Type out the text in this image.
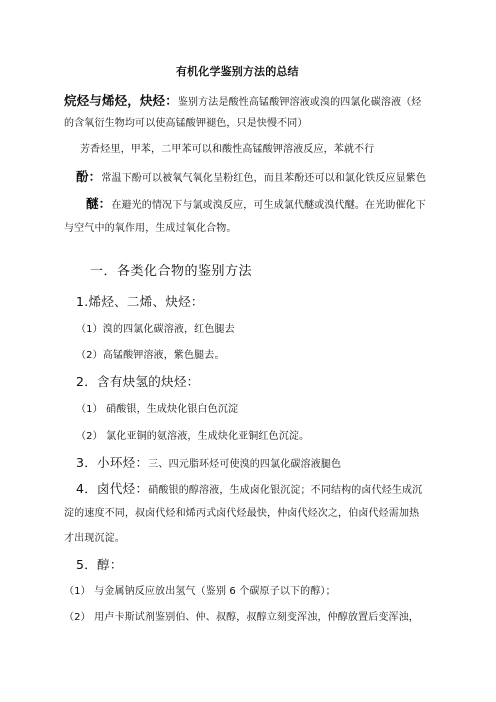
有机化学鉴别方法的总结
烷烃与烯烃，炔烃：鉴别方法是酸性高锰酸钾溶液或溴的四氯化碳溶液（烃
的含氧衍生物均可以使高锰酸钾褪色，只是快慢不同）
芳香烃里，甲苯，二甲苯可以和酸性高锰酸钾溶液反应，苯就不行
酚：常温下酚可以被氧气氧化呈粉红色，而且苯酚还可以和氯化铁反应显紫色
醚：在避光的情况下与氯或溴反应，可生成氯代醚或溴代醚。在光助催化下
与空气中的氧作用，生成过氧化合物。
一．各类化合物的鉴别方法
1.烯烃、二烯、炔烃：
（1）溴的四氯化碳溶液，红色腿去
（2）高锰酸钾溶液，紫色腿去。
2．含有炔氢的炔烃：
（1） 硝酸银，生成炔化银白色沉淀
（2） 氯化亚铜的氨溶液，生成炔化亚铜红色沉淀。
3．小环烃：三、四元脂环烃可使溴的四氯化碳溶液腿色
4．卤代烃：硝酸银的醇溶液，生成卤化银沉淀；不同结构的卤代烃生成沉
淀的速度不同，叔卤代烃和烯丙式卤代烃最快，仲卤代烃次之，伯卤代烃需加热
才出现沉淀。
5．醇：
（1） 与金属钠反应放出氢气（鉴别 6 个碳原子以下的醇）；
（2） 用卢卡斯试剂鉴别伯、仲、叔醇，叔醇立刻变浑浊，仲醇放置后变浑浊，
